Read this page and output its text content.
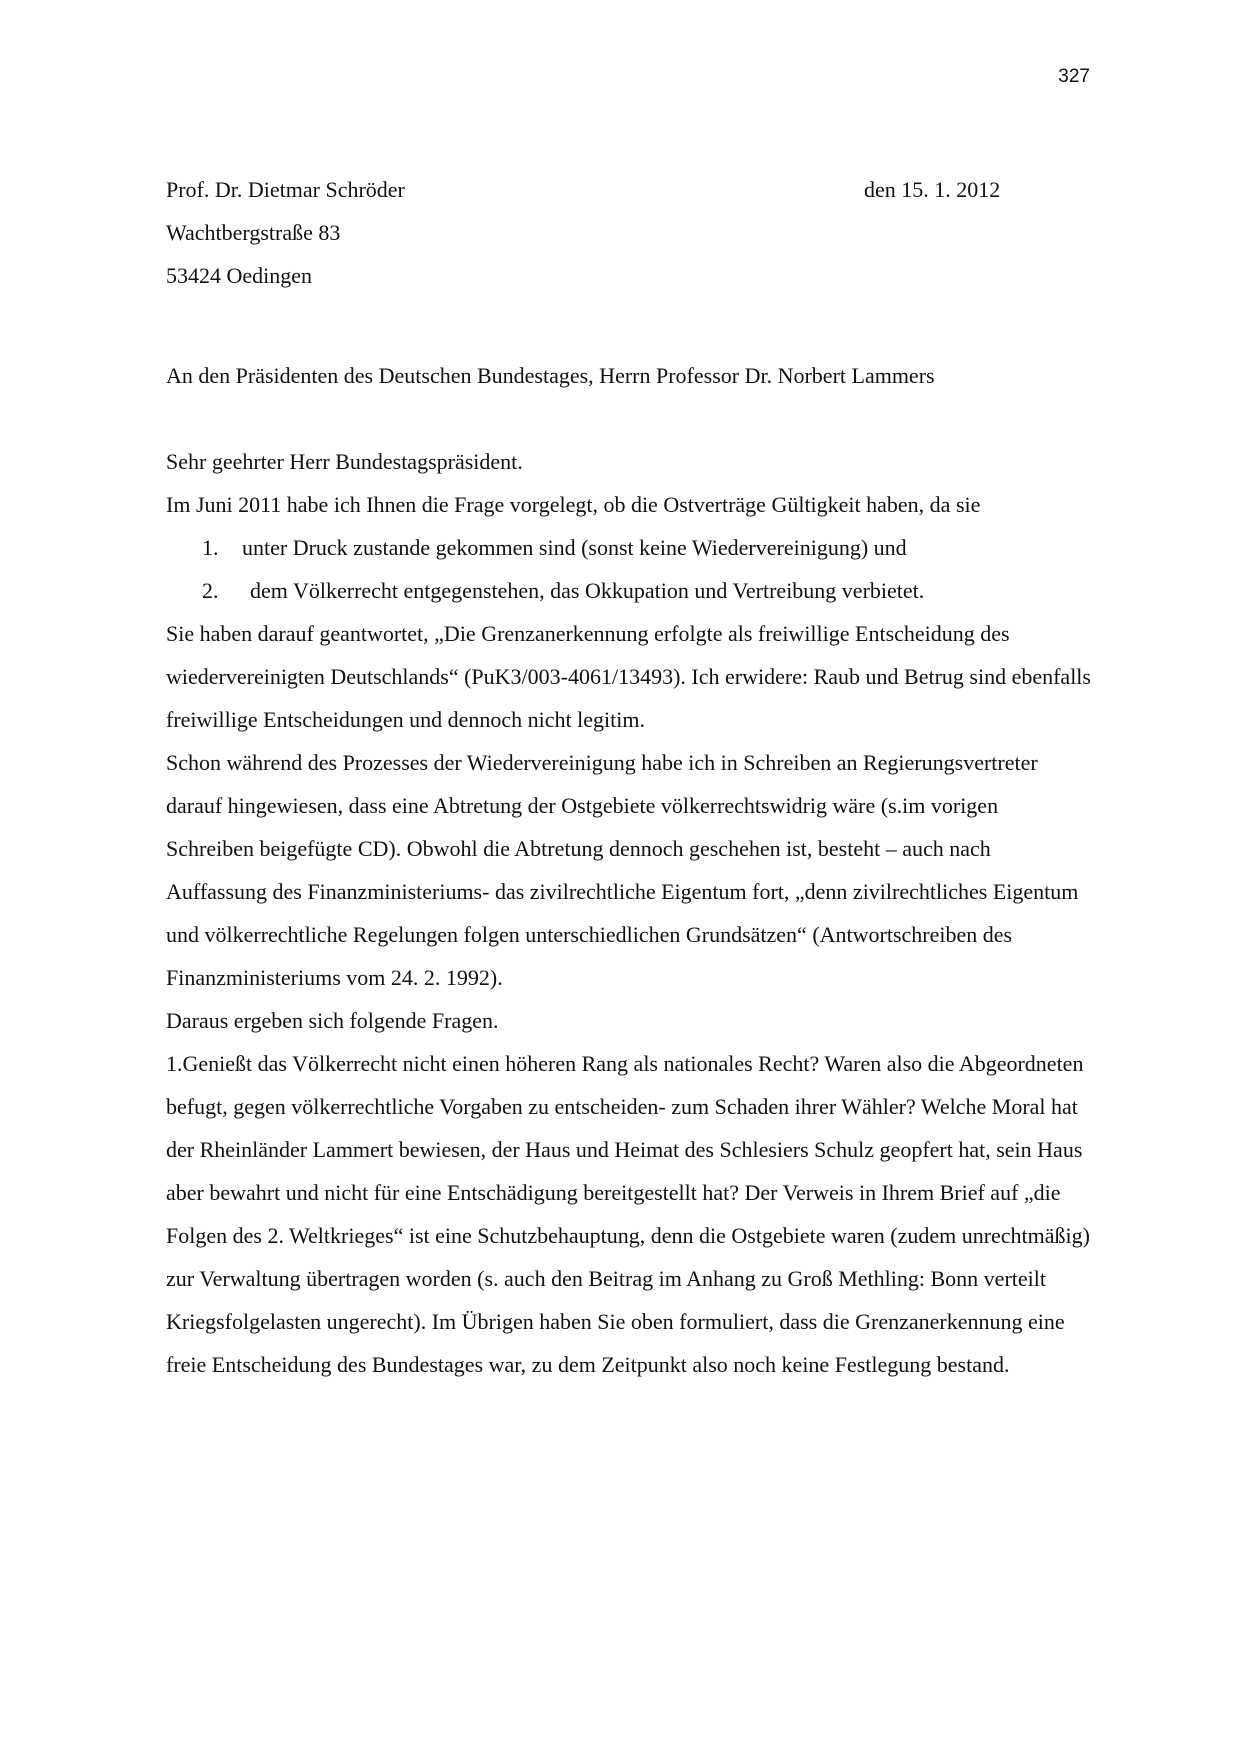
327
Prof. Dr. Dietmar Schröder
Wachtbergstraße 83
53424 Oedingen
den 15. 1. 2012
An den Präsidenten des Deutschen Bundestages, Herrn Professor Dr. Norbert Lammers

Sehr geehrter Herr Bundestagspräsident.

Im Juni 2011 habe ich Ihnen die Frage vorgelegt, ob die Ostverträge Gültigkeit haben, da sie

1.	unter Druck zustande gekommen sind (sonst keine Wiedervereinigung) und
2.	dem Völkerrecht entgegenstehen, das Okkupation und Vertreibung verbietet.

Sie haben darauf geantwortet, „Die Grenzanerkennung erfolgte als freiwillige Entscheidung des wiedervereinigten Deutschlands“ (PuK3/003-4061/13493). Ich erwidere: Raub und Betrug sind ebenfalls freiwillige Entscheidungen und dennoch nicht legitim.

Schon während des Prozesses der Wiedervereinigung habe ich in Schreiben an Regierungsvertreter darauf hingewiesen, dass eine Abtretung der Ostgebiete völkerrechtswidrig wäre (s.im vorigen Schreiben beigefügte CD). Obwohl die Abtretung dennoch geschehen ist, besteht – auch nach Auffassung des Finanzministeriums- das zivilrechtliche Eigentum fort, „denn zivilrechtliches Eigentum und völkerrechtliche Regelungen folgen unterschiedlichen Grundsätzen“ (Antwortschreiben des Finanzministeriums vom 24. 2. 1992).

Daraus ergeben sich folgende Fragen.

1.Genießt das Völkerrecht nicht einen höheren Rang als nationales Recht? Waren also die Abgeordneten befugt, gegen völkerrechtliche Vorgaben zu entscheiden- zum Schaden ihrer Wähler? Welche Moral hat der Rheinländer Lammert bewiesen, der Haus und Heimat des Schlesiers Schulz geopfert hat, sein Haus aber bewahrt und nicht für eine Entschädigung bereitgestellt hat? Der Verweis in Ihrem Brief auf „die Folgen des 2. Weltkrieges“ ist eine Schutzbehauptung, denn die Ostgebiete waren (zudem unrechtmäßig) zur Verwaltung übertragen worden (s. auch den Beitrag im Anhang zu Groß Methling: Bonn verteilt Kriegsfolgelasten ungerecht). Im Übrigen haben Sie oben formuliert, dass die Grenzanerkennung eine freie Entscheidung des Bundestages war, zu dem Zeitpunkt also noch keine Festlegung bestand.
